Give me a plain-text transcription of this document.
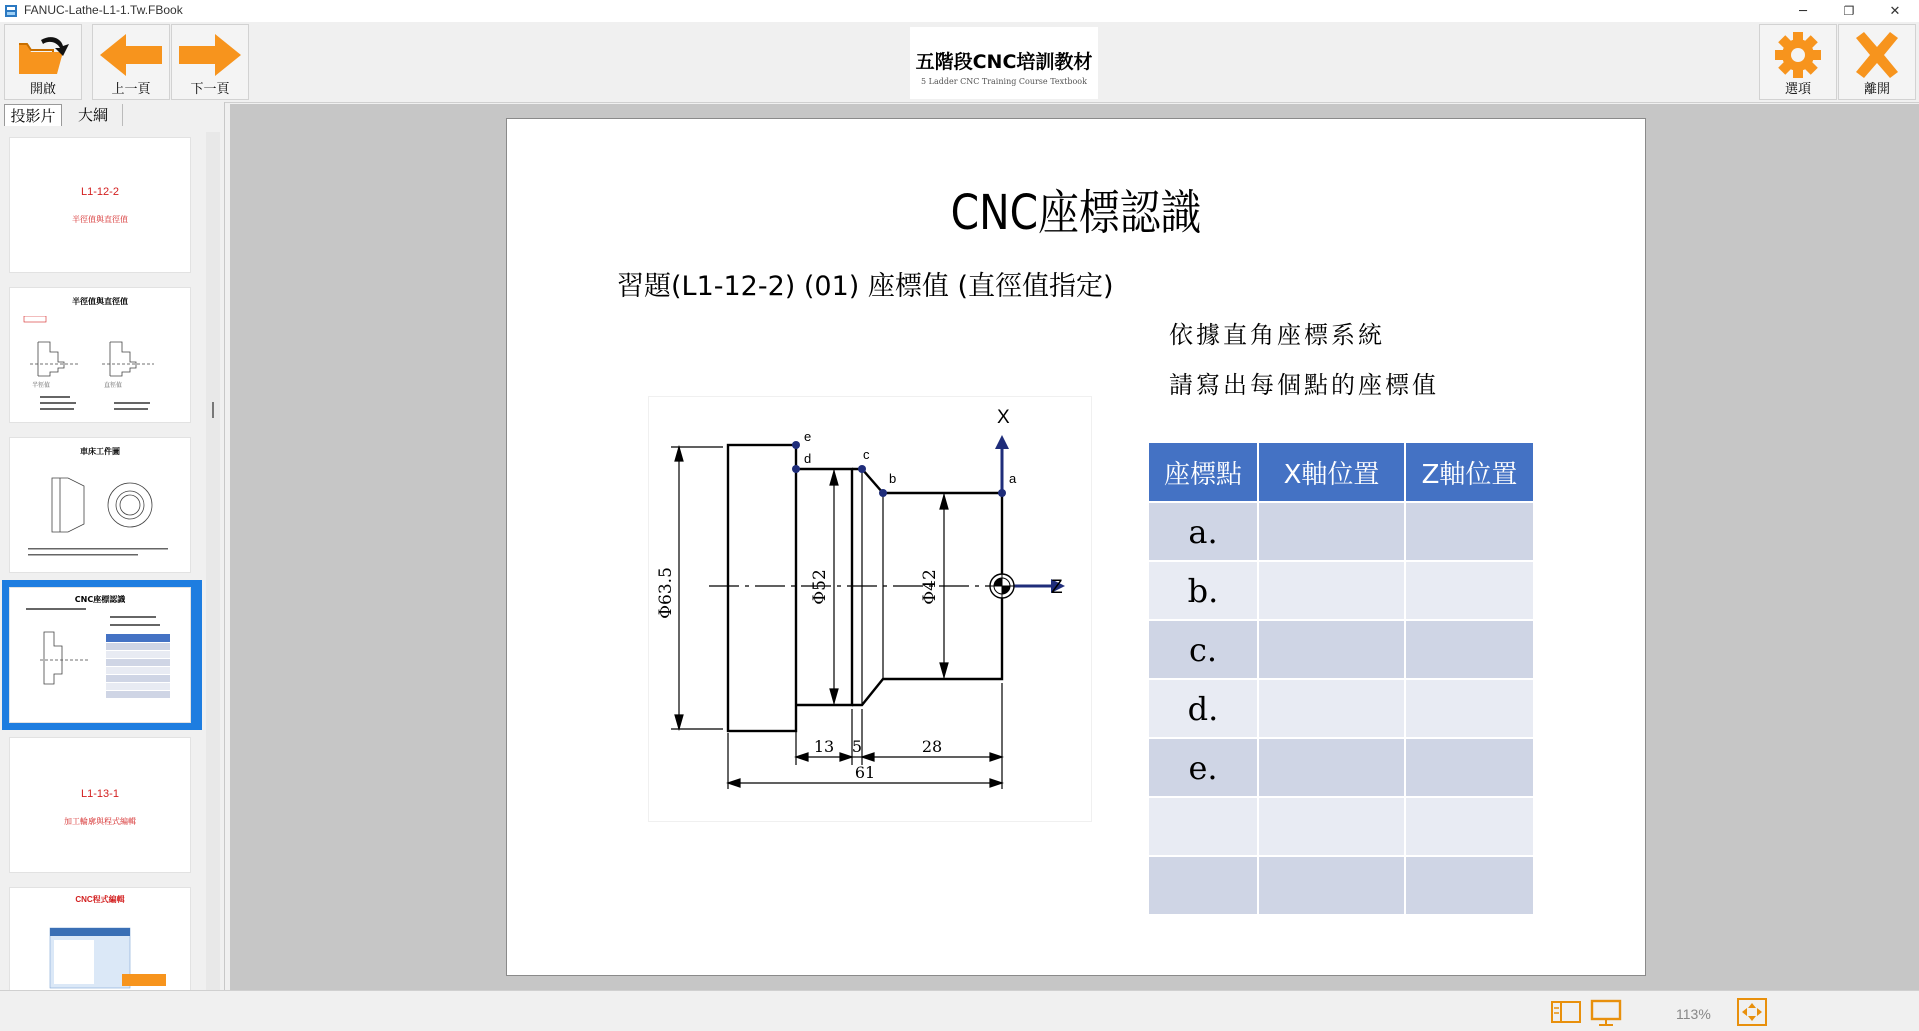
FANUC-Lathe-L1-1.Tw.FBook	─	❐	✕
開啟	上一頁	下一頁
五階段CNC培訓教材
5 Ladder CNC Training Course Textbook	選項	離開
投影片	大綱
L1-12-2
半徑值與直徑值
半徑值與直徑值
半徑值	直徑值
車床工件圖
CNC座標認識
L1-13-1
加工輪廓與程式編輯
CNC程式編輯
CNC座標認識
習題(L1-12-2) (01) 座標值 (直徑值指定)
依據直角座標系統
請寫出每個點的座標值
Φ63.5	Φ52	Φ42
13 5	28
61
X
Z
a
b
c
d
e
座標點	X軸位置	Z軸位置
a.		
b.		
c.		
d.		
e.		

113%
